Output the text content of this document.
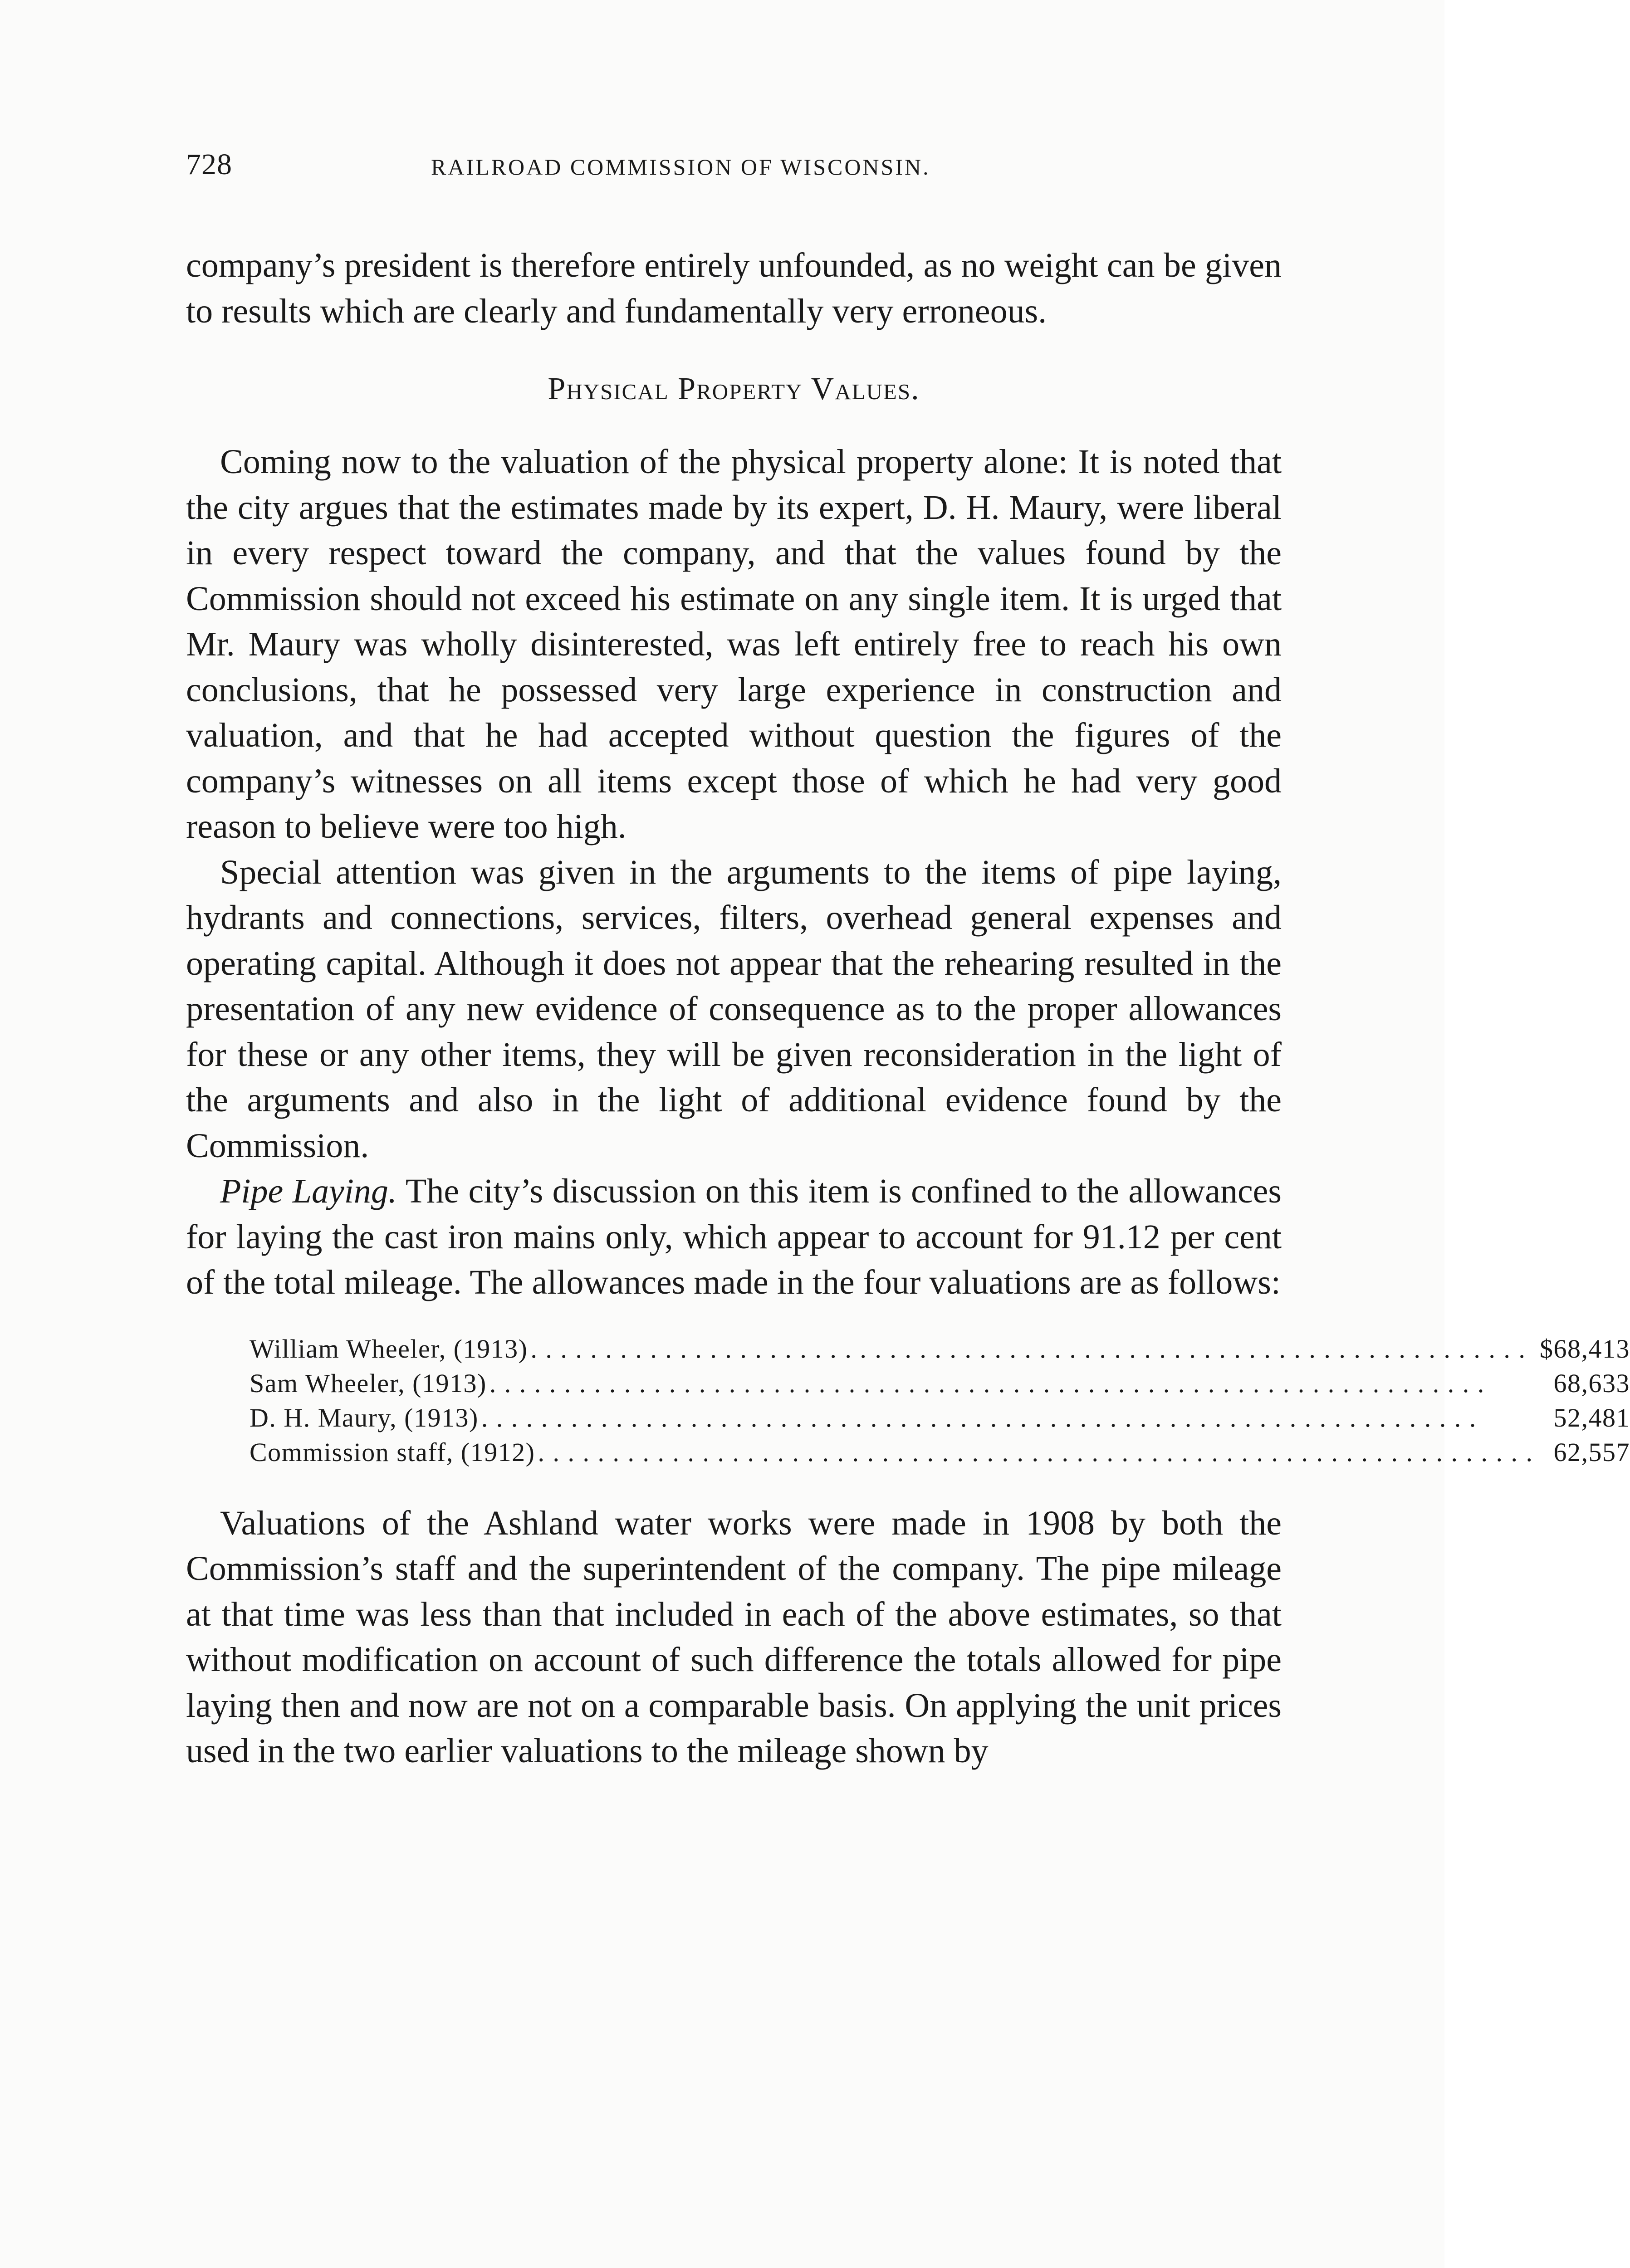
728	RAILROAD COMMISSION OF WISCONSIN.

company’s president is therefore entirely unfounded, as no weight can be given to results which are clearly and fundamentally very erroneous.

Physical Property Values.

Coming now to the valuation of the physical property alone: It is noted that the city argues that the estimates made by its expert, D. H. Maury, were liberal in every respect toward the company, and that the values found by the Commission should not exceed his estimate on any single item. It is urged that Mr. Maury was wholly disinterested, was left entirely free to reach his own conclusions, that he possessed very large experience in construction and valuation, and that he had accepted without question the figures of the company’s witnesses on all items except those of which he had very good reason to believe were too high.

Special attention was given in the arguments to the items of pipe laying, hydrants and connections, services, filters, overhead general expenses and operating capital. Although it does not appear that the rehearing resulted in the presentation of any new evidence of consequence as to the proper allowances for these or any other items, they will be given reconsideration in the light of the arguments and also in the light of additional evidence found by the Commission.

Pipe Laying. The city’s discussion on this item is confined to the allowances for laying the cast iron mains only, which appear to account for 91.12 per cent of the total mileage. The allowances made in the four valuations are as follows:

William Wheeler, (1913) . . .	$68,413
Sam Wheeler, (1913) . . .	68,633
D. H. Maury, (1913) . . .	52,481
Commission staff, (1912) . . .	62,557

Valuations of the Ashland water works were made in 1908 by both the Commission’s staff and the superintendent of the company. The pipe mileage at that time was less than that included in each of the above estimates, so that without modification on account of such difference the totals allowed for pipe laying then and now are not on a comparable basis. On applying the unit prices used in the two earlier valuations to the mileage shown by
